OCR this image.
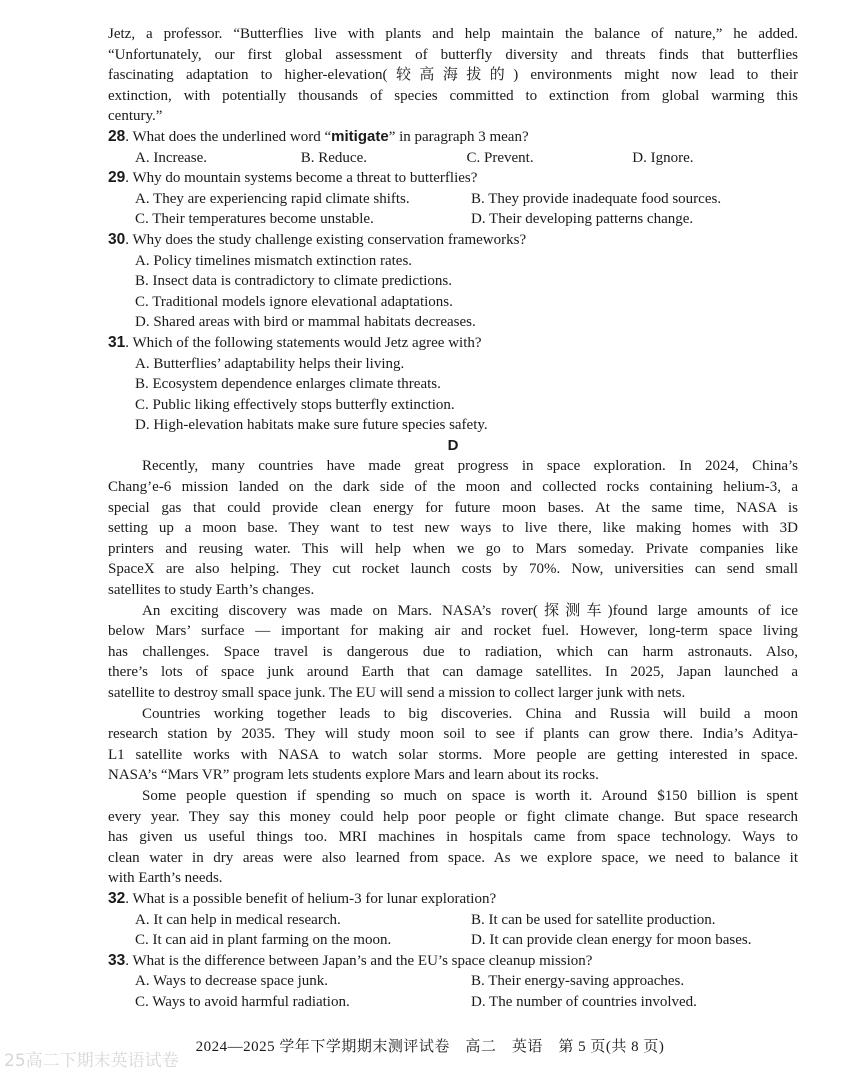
Jetz, a professor. “Butterflies live with plants and help maintain the balance of nature,” he added.
“Unfortunately, our first global assessment of butterfly diversity and threats finds that butterflies
fascinating adaptation to higher-elevation(较高海拔的) environments might now lead to their
extinction, with potentially thousands of species committed to extinction from global warming this
century.”
28. What does the underlined word “mitigate” in paragraph 3 mean?
A. Increase.	B. Reduce.	C. Prevent.	D. Ignore.
29. Why do mountain systems become a threat to butterflies?
A. They are experiencing rapid climate shifts.	B. They provide inadequate food sources.
C. Their temperatures become unstable.	D. Their developing patterns change.
30. Why does the study challenge existing conservation frameworks?
A. Policy timelines mismatch extinction rates.
B. Insect data is contradictory to climate predictions.
C. Traditional models ignore elevational adaptations.
D. Shared areas with bird or mammal habitats decreases.
31. Which of the following statements would Jetz agree with?
A. Butterflies’ adaptability helps their living.
B. Ecosystem dependence enlarges climate threats.
C. Public liking effectively stops butterfly extinction.
D. High-elevation habitats make sure future species safety.
D
Recently, many countries have made great progress in space exploration. In 2024, China’s
Chang’e-6 mission landed on the dark side of the moon and collected rocks containing helium-3, a
special gas that could provide clean energy for future moon bases. At the same time, NASA is
setting up a moon base. They want to test new ways to live there, like making homes with 3D
printers and reusing water. This will help when we go to Mars someday. Private companies like
SpaceX are also helping. They cut rocket launch costs by 70%. Now, universities can send small
satellites to study Earth’s changes.
An exciting discovery was made on Mars. NASA’s rover(探测车)found large amounts of ice
below Mars’ surface — important for making air and rocket fuel. However, long-term space living
has challenges. Space travel is dangerous due to radiation, which can harm astronauts. Also,
there’s lots of space junk around Earth that can damage satellites. In 2025, Japan launched a
satellite to destroy small space junk. The EU will send a mission to collect larger junk with nets.
Countries working together leads to big discoveries. China and Russia will build a moon
research station by 2035. They will study moon soil to see if plants can grow there. India’s Aditya-
L1 satellite works with NASA to watch solar storms. More people are getting interested in space.
NASA’s “Mars VR” program lets students explore Mars and learn about its rocks.
Some people question if spending so much on space is worth it. Around $150 billion is spent
every year. They say this money could help poor people or fight climate change. But space research
has given us useful things too. MRI machines in hospitals came from space technology. Ways to
clean water in dry areas were also learned from space. As we explore space, we need to balance it
with Earth’s needs.
32. What is a possible benefit of helium-3 for lunar exploration?
A. It can help in medical research.	B. It can be used for satellite production.
C. It can aid in plant farming on the moon.	D. It can provide clean energy for moon bases.
33. What is the difference between Japan’s and the EU’s space cleanup mission?
A. Ways to decrease space junk.	B. Their energy-saving approaches.
C. Ways to avoid harmful radiation.	D. The number of countries involved.
2024—2025 学年下学期期末测评试卷　高二　英语　第 5 页(共 8 页)
25高二下期末英语试卷
